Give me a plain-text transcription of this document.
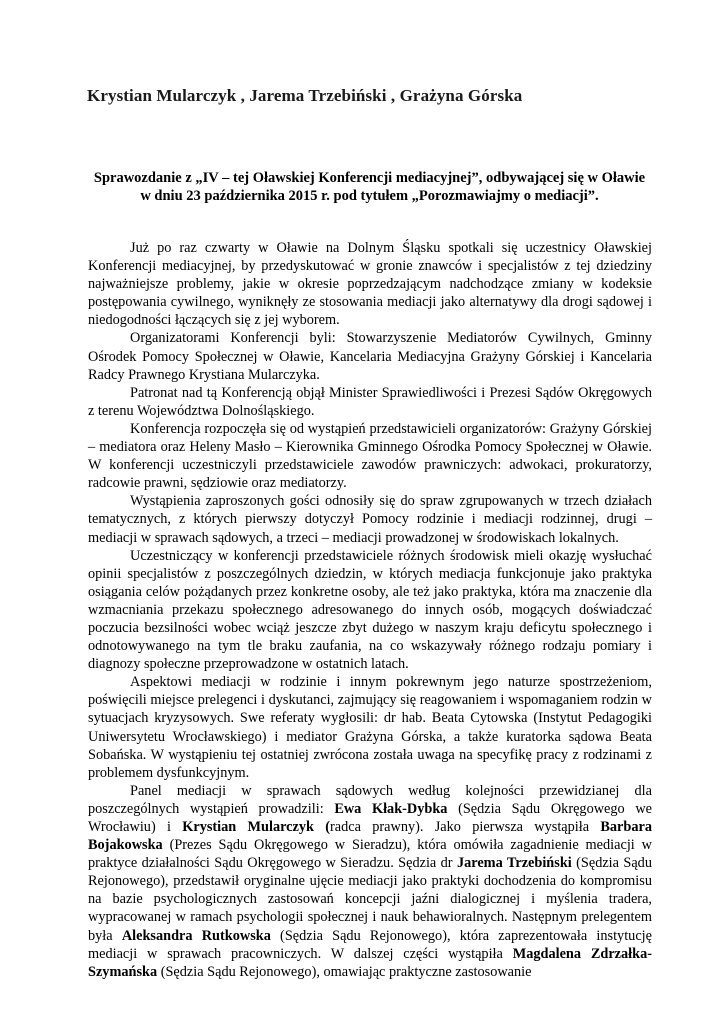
Krystian Mularczyk , Jarema Trzebiński , Grażyna Górska
Sprawozdanie z „IV – tej Oławskiej Konferencji mediacyjnej”, odbywającej się w Oławie w dniu 23 października 2015 r. pod tytułem „Porozmawiajmy o mediacji”.

Już po raz czwarty w Oławie na Dolnym Śląsku spotkali się uczestnicy Oławskiej Konferencji mediacyjnej, by przedyskutować w gronie znawców i specjalistów z tej dziedziny najważniejsze problemy, jakie w okresie poprzedzającym nadchodzące zmiany w kodeksie postępowania cywilnego, wyniknęły ze stosowania mediacji jako alternatywy dla drogi sądowej i niedogodności łączących się z jej wyborem.

Organizatorami Konferencji byli: Stowarzyszenie Mediatorów Cywilnych, Gminny Ośrodek Pomocy Społecznej w Oławie, Kancelaria Mediacyjna Grażyny Górskiej i Kancelaria Radcy Prawnego Krystiana Mularczyka.

Patronat nad tą Konferencją objął Minister Sprawiedliwości i Prezesi Sądów Okręgowych z terenu Województwa Dolnośląskiego.

Konferencja rozpoczęła się od wystąpień przedstawicieli organizatorów: Grażyny Górskiej – mediatora oraz Heleny Masło – Kierownika Gminnego Ośrodka Pomocy Społecznej w Oławie. W konferencji uczestniczyli przedstawiciele zawodów prawniczych: adwokaci, prokuratorzy, radcowie prawni, sędziowie oraz mediatorzy.

Wystąpienia zaproszonych gości odnosiły się do spraw zgrupowanych w trzech działach tematycznych, z których pierwszy dotyczył Pomocy rodzinie i mediacji rodzinnej, drugi – mediacji w sprawach sądowych, a trzeci – mediacji prowadzonej w środowiskach lokalnych.

Uczestniczący w konferencji przedstawiciele różnych środowisk mieli okazję wysłuchać opinii specjalistów z poszczególnych dziedzin, w których mediacja funkcjonuje jako praktyka osiągania celów pożądanych przez konkretne osoby, ale też jako praktyka, która ma znaczenie dla wzmacniania przekazu społecznego adresowanego do innych osób, mogących doświadczać poczucia bezsilności wobec wciąż jeszcze zbyt dużego w naszym kraju deficytu społecznego i odnotowywanego na tym tle braku zaufania, na co wskazywały różnego rodzaju pomiary i diagnozy społeczne przeprowadzone w ostatnich latach.

Aspektowi mediacji w rodzinie i innym pokrewnym jego naturze spostrzeżeniom, poświęcili miejsce prelegenci i dyskutanci, zajmujący się reagowaniem i wspomaganiem rodzin w sytuacjach kryzysowych. Swe referaty wygłosili: dr hab. Beata Cytowska (Instytut Pedagogiki Uniwersytetu Wrocławskiego) i mediator Grażyna Górska, a także kuratorka sądowa Beata Sobańska. W wystąpieniu tej ostatniej zwrócona została uwaga na specyfikę pracy z rodzinami z problemem dysfunkcyjnym.

Panel mediacji w sprawach sądowych według kolejności przewidzianej dla poszczególnych wystąpień prowadzili: Ewa Kłak-Dybka (Sędzia Sądu Okręgowego we Wrocławiu) i Krystian Mularczyk (radca prawny). Jako pierwsza wystąpiła Barbara Bojakowska (Prezes Sądu Okręgowego w Sieradzu), która omówiła zagadnienie mediacji w praktyce działalności Sądu Okręgowego w Sieradzu. Sędzia dr Jarema Trzebiński (Sędzia Sądu Rejonowego), przedstawił oryginalne ujęcie mediacji jako praktyki dochodzenia do kompromisu na bazie psychologicznych zastosowań koncepcji jaźni dialogicznej i myślenia tradera, wypracowanej w ramach psychologii społecznej i nauk behawioralnych. Następnym prelegentem była Aleksandra Rutkowska (Sędzia Sądu Rejonowego), która zaprezentowała instytucję mediacji w sprawach pracowniczych. W dalszej części wystąpiła Magdalena Zdrzałka-Szymańska (Sędzia Sądu Rejonowego), omawiając praktyczne zastosowanie
